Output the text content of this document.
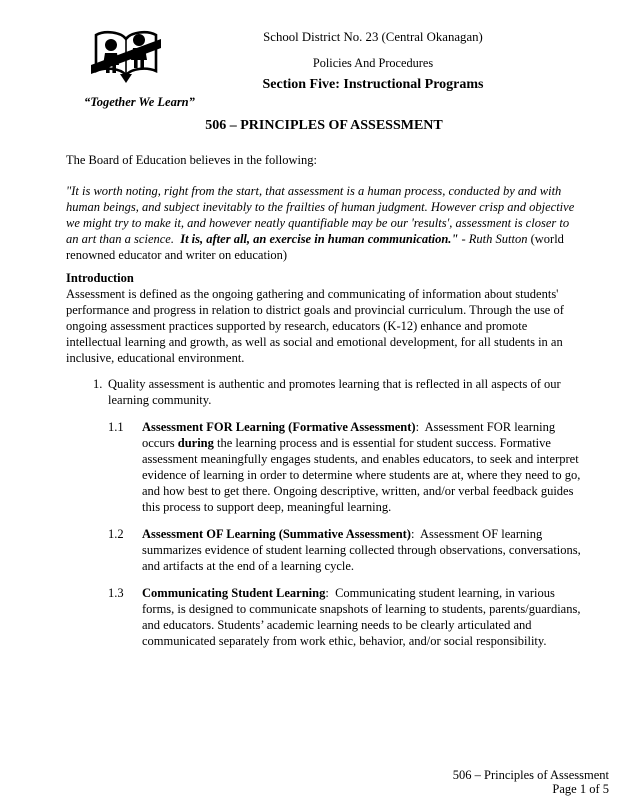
“Together We Learn”
School District No. 23 (Central Okanagan)
Policies And Procedures
Section Five: Instructional Programs
506 – PRINCIPLES OF ASSESSMENT

The Board of Education believes in the following:

"It is worth noting, right from the start, that assessment is a human process, conducted by and with human beings, and subject inevitably to the frailties of human judgment. However crisp and objective we might try to make it, and however neatly quantifiable may be our 'results', assessment is closer to an art than a science.  It is, after all, an exercise in human communication." - Ruth Sutton (world renowned educator and writer on education)

Introduction

Assessment is defined as the ongoing gathering and communicating of information about students' performance and progress in relation to district goals and provincial curriculum. Through the use of ongoing assessment practices supported by research, educators (K-12) enhance and promote intellectual learning and growth, as well as social and emotional development, for all students in an inclusive, educational environment.

1. Quality assessment is authentic and promotes learning that is reflected in all aspects of our learning community.
1.1	Assessment FOR Learning (Formative Assessment):  Assessment FOR learning occurs during the learning process and is essential for student success. Formative assessment meaningfully engages students, and enables educators, to seek and interpret evidence of learning in order to determine where students are at, where they need to go, and how best to get there. Ongoing descriptive, written, and/or verbal feedback guides this process to support deep, meaningful learning.
1.2	Assessment OF Learning (Summative Assessment):  Assessment OF learning summarizes evidence of student learning collected through observations, conversations, and artifacts at the end of a learning cycle.
1.3	Communicating Student Learning:  Communicating student learning, in various forms, is designed to communicate snapshots of learning to students, parents/guardians, and educators. Students’ academic learning needs to be clearly articulated and communicated separately from work ethic, behavior, and/or social responsibility.
506 – Principles of Assessment
Page 1 of 5
